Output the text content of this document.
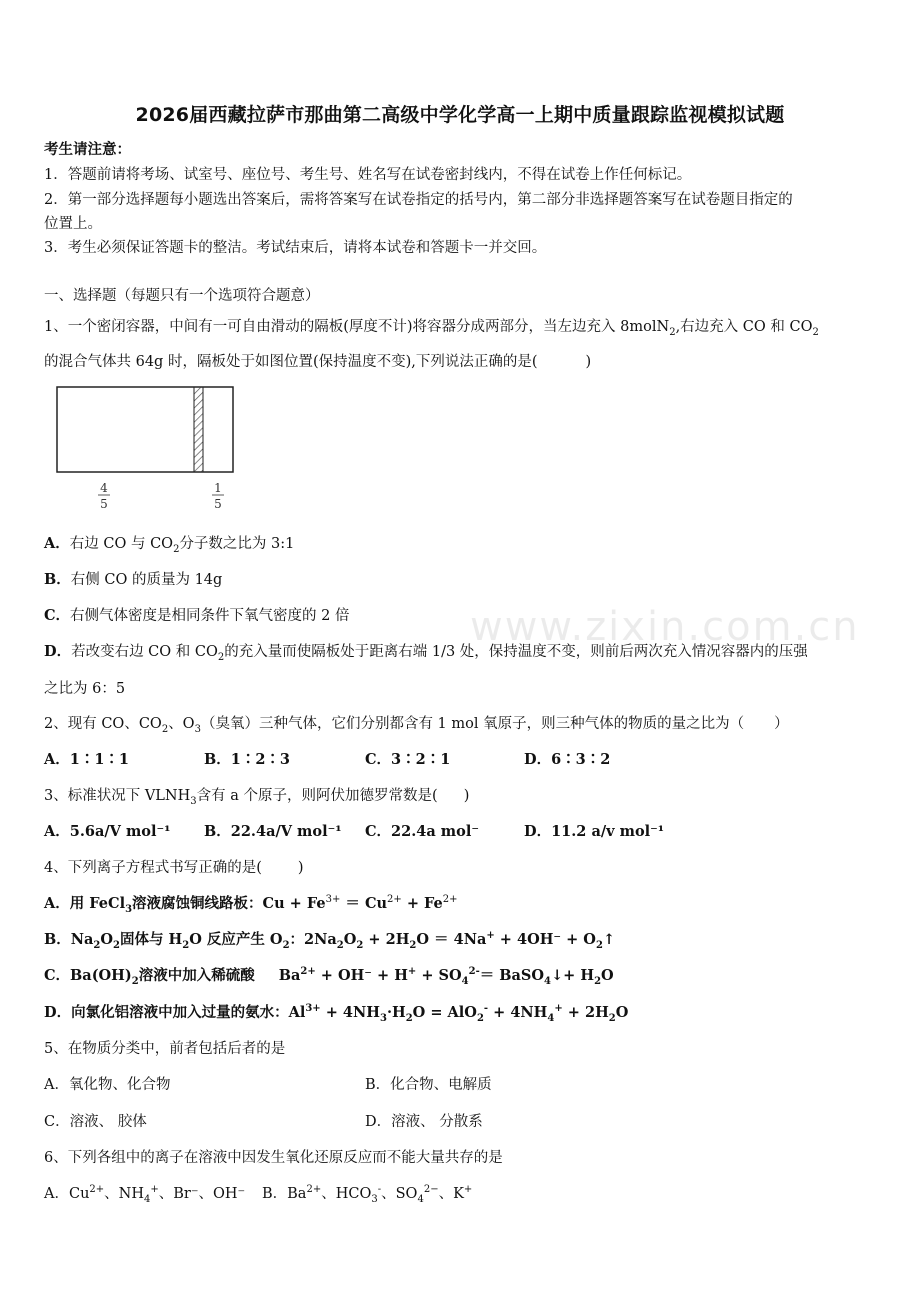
2026届西藏拉萨市那曲第二高级中学化学高一上期中质量跟踪监视模拟试题
考生请注意：
1．答题前请将考场、试室号、座位号、考生号、姓名写在试卷密封线内，不得在试卷上作任何标记。
2．第一部分选择题每小题选出答案后，需将答案写在试卷指定的括号内，第二部分非选择题答案写在试卷题目指定的
位置上。
3．考生必须保证答题卡的整洁。考试结束后，请将本试卷和答题卡一并交回。
一、选择题（每题只有一个选项符合题意）
1、一个密闭容器，中间有一可自由滑动的隔板(厚度不计)将容器分成两部分，当左边充入 8molN$_2$,右边充入 CO 和 $CO_2$
的混合气体共 64g 时，隔板处于如图位置(保持温度不变),下列说法正确的是(	)
4
5
1
5
A．右边 CO 与 $CO_2$分子数之比为 3:1
B．右侧 CO 的质量为 14g
C．右侧气体密度是相同条件下氧气密度的 2 倍
D．若改变右边 CO 和 $CO_2$的充入量而使隔板处于距离右端 1/3 处，保持温度不变，则前后两次充入情况容器内的压强
之比为 6：5
www.zixin.com.cn
2、现有 CO、$CO_2$、$O_3$（臭氧）三种气体，它们分别都含有 1 mol 氧原子，则三种气体的物质的量之比为（ ）
A．1∶1∶1	B．1∶2∶3	C．3∶2∶1	D．6∶3∶2
3、标准状况下 $VLNH_3$含有 a 个原子，则阿伏加德罗常数是( )
A．5.6a/V mol⁻¹ B．22.4a/V mol⁻¹ C．22.4a mol⁻	D．11.2 a/v mol⁻¹
4、下列离子方程式书写正确的是( )
A．用 FeCl$_3$溶液腐蚀铜线路板：$Cu + Fe^{3+} = Cu^{2+} + Fe^{2+}$
B．$Na_2O_2$固体与 $H_2O$ 反应产生 $O_2$：$2Na_2O_2 + 2H_2O = 4Na^+ + 4OH^-$ + $O_2↑$
C．$Ba(OH)_2$溶液中加入稀硫酸 $Ba^{2+} + OH^- + H^+ + SO_4^{2-}=$ BaSO$_4$↓+ $H_2O$
D．向氯化铝溶液中加入过量的氨水：$Al^{3+} + 4NH_3\cdot H_2O = AlO_2^- + 4NH_4^+ + 2H_2O$
5、在物质分类中，前者包括后者的是
A．氧化物、化合物	B．化合物、电解质
C．溶液、 胶体	D．溶液、 分散系
6、下列各组中的离子在溶液中因发生氧化还原反应而不能大量共存的是
A．$Cu^{2+}$、$NH_4^+$、Br⁻、OH⁻ B．$Ba^{2+}$、$HCO_3^-$、$SO_4^{2-}$、K+
